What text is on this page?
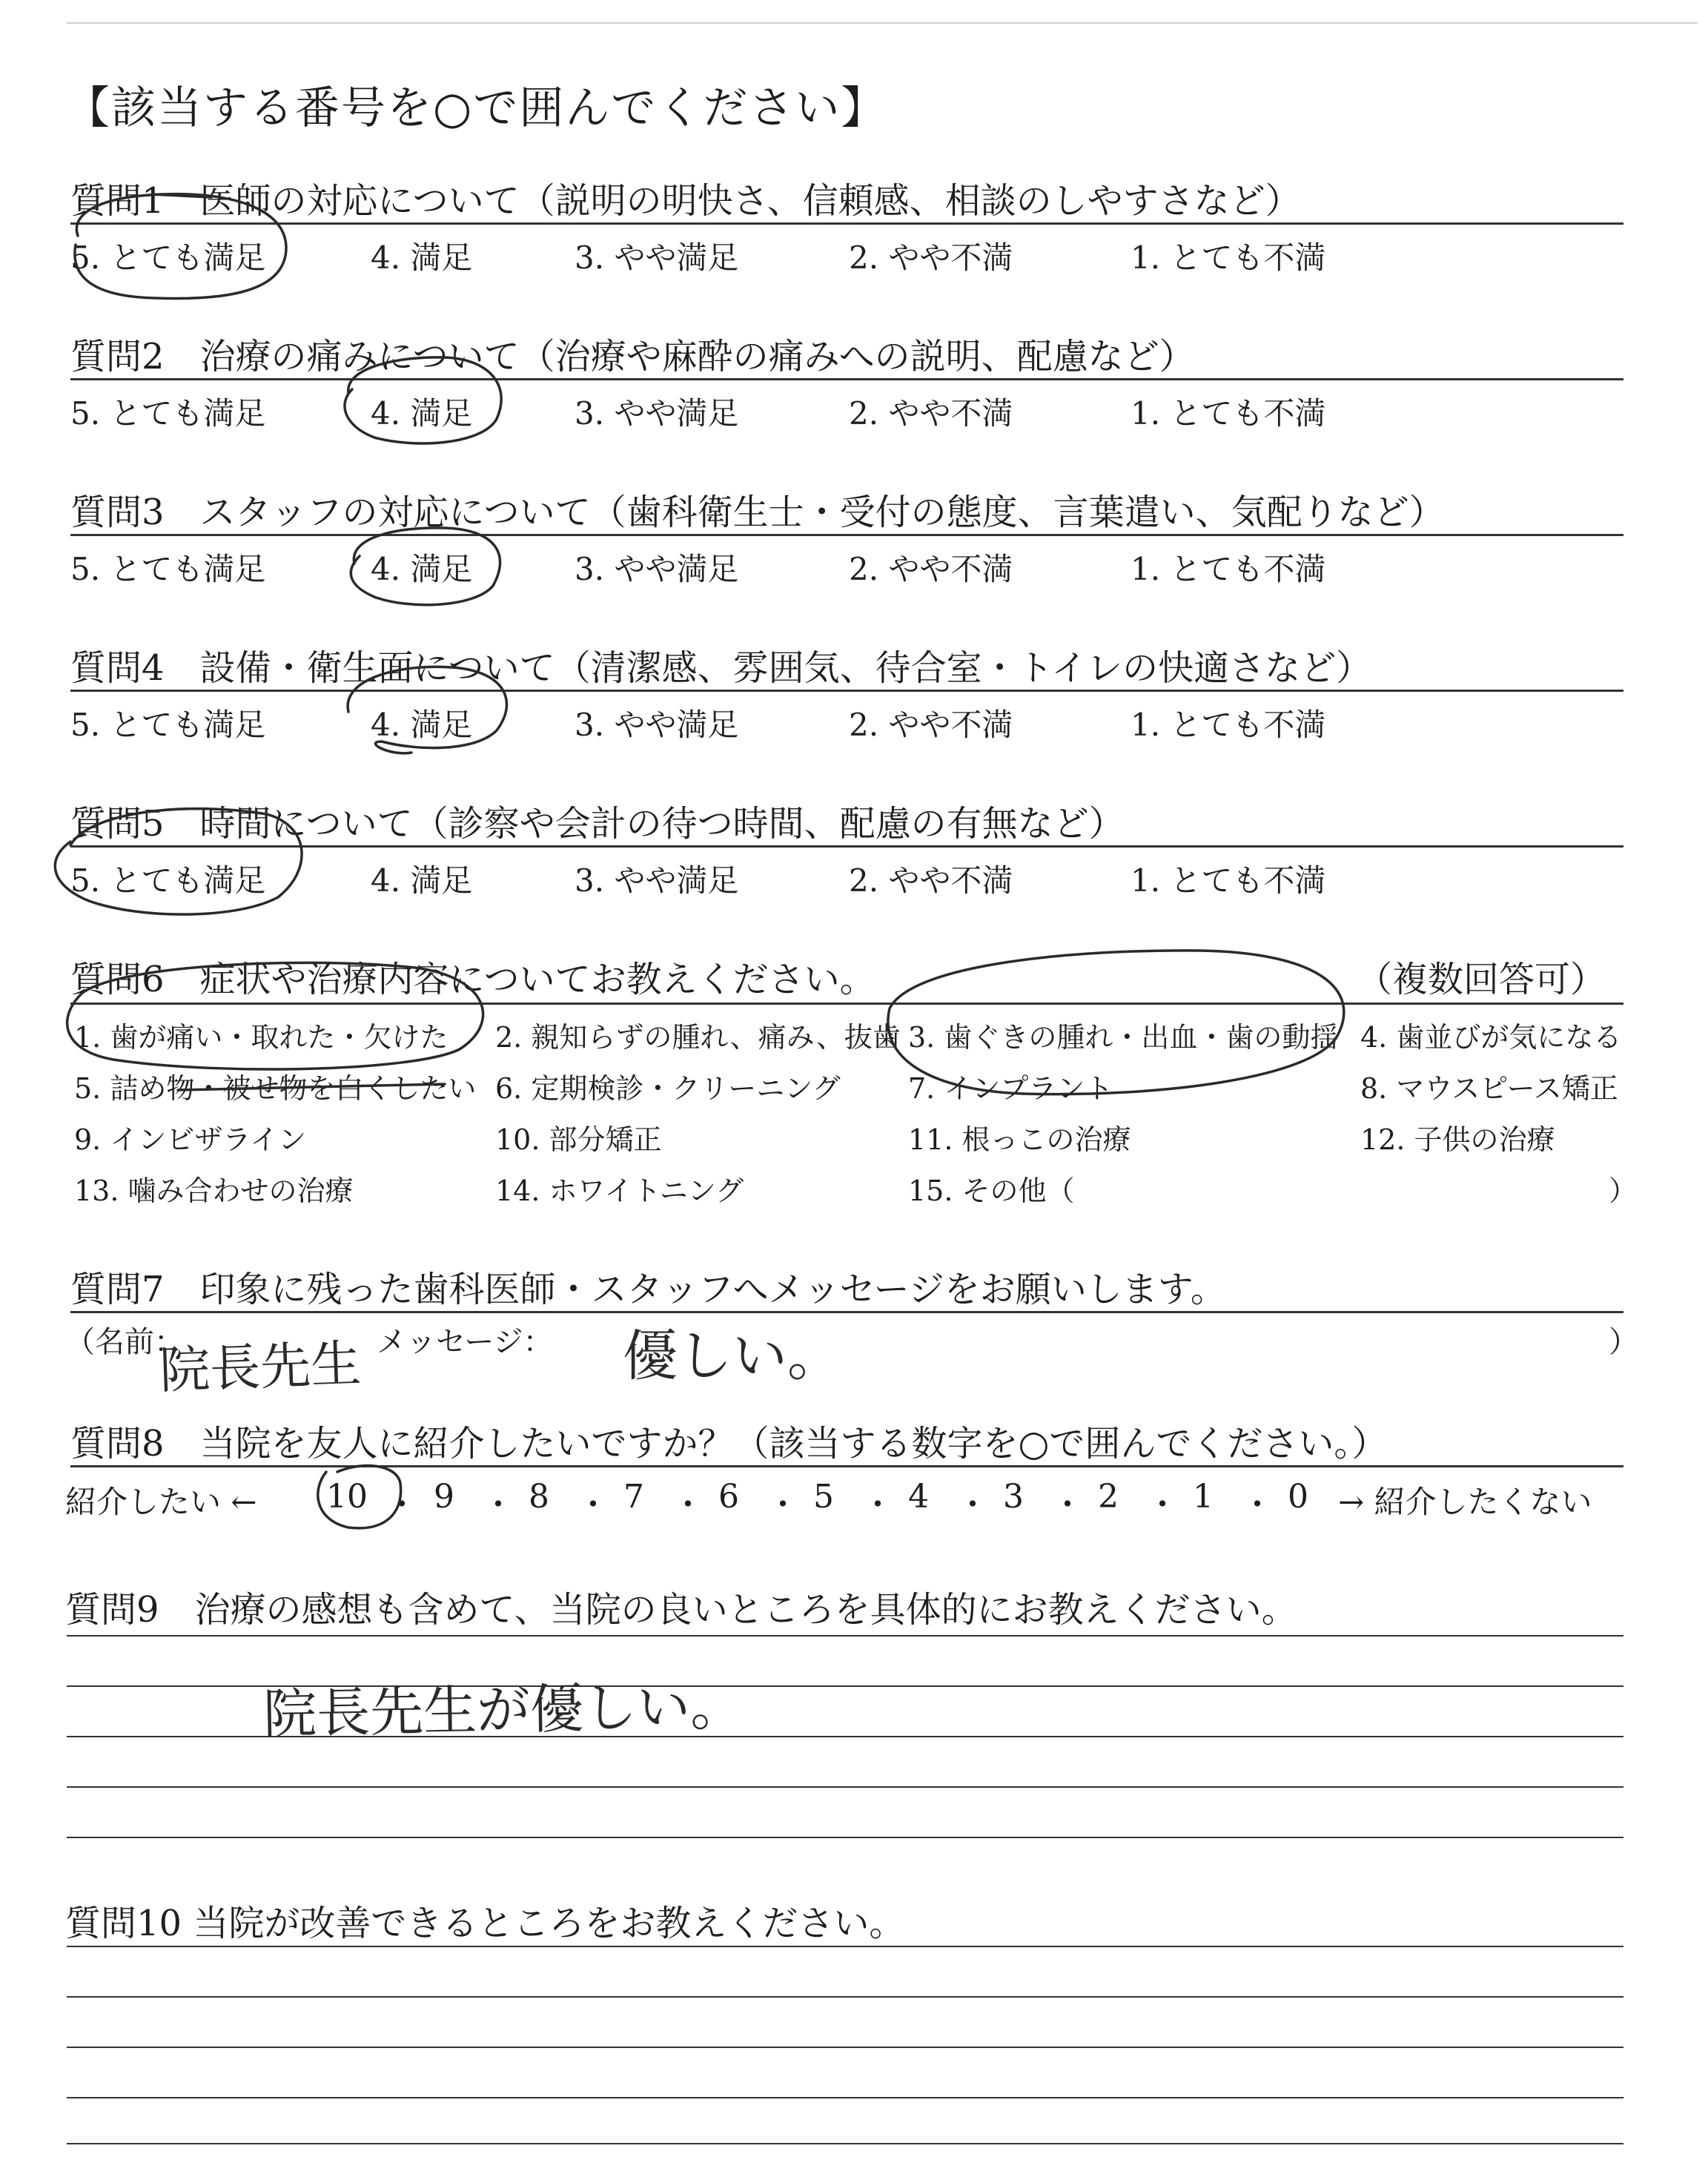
【該当する番号を○で囲んでください】
質問1　医師の対応について（説明の明快さ、信頼感、相談のしやすさなど）
5. とても満足	4. 満足	3. やや満足	2. やや不満	1. とても不満
質問2　治療の痛みについて（治療や麻酔の痛みへの説明、配慮など）
5. とても満足	4. 満足	3. やや満足	2. やや不満	1. とても不満
質問3　スタッフの対応について（歯科衛生士・受付の態度、言葉遣い、気配りなど）
5. とても満足	4. 満足	3. やや満足	2. やや不満	1. とても不満
質問4　設備・衛生面について（清潔感、雰囲気、待合室・トイレの快適さなど）
5. とても満足	4. 満足	3. やや満足	2. やや不満	1. とても不満
質問5　時間について（診察や会計の待つ時間、配慮の有無など）
5. とても満足	4. 満足	3. やや満足	2. やや不満	1. とても不満
質問6　症状や治療内容についてお教えください。	（複数回答可）
1. 歯が痛い・取れた・欠けた 2. 親知らずの腫れ、痛み、抜歯 3. 歯ぐきの腫れ・出血・歯の動揺 4. 歯並びが気になる
5. 詰め物・被せ物を白くしたい 6. 定期検診・クリーニング 7. インプラント	8. マウスピース矯正
9. インビザライン	10. 部分矯正	11. 根っこの治療	12. 子供の治療
13. 噛み合わせの治療	14. ホワイトニング	15. その他（	）
質問7　印象に残った歯科医師・スタッフへメッセージをお願いします。
（名前：
院長先生 メッセージ： 優しい。	）
質問8　当院を友人に紹介したいですか？（該当する数字を○で囲んでください。）
紹介したい ← 10 ・ 9 ・ 8 ・ 7 ・ 6 ・ 5 ・ 4 ・ 3 ・ 2 ・ 1 ・ 0 → 紹介したくない
質問9　治療の感想も含めて、当院の良いところを具体的にお教えください。
院長先生が優しい。
質問10 当院が改善できるところをお教えください。
